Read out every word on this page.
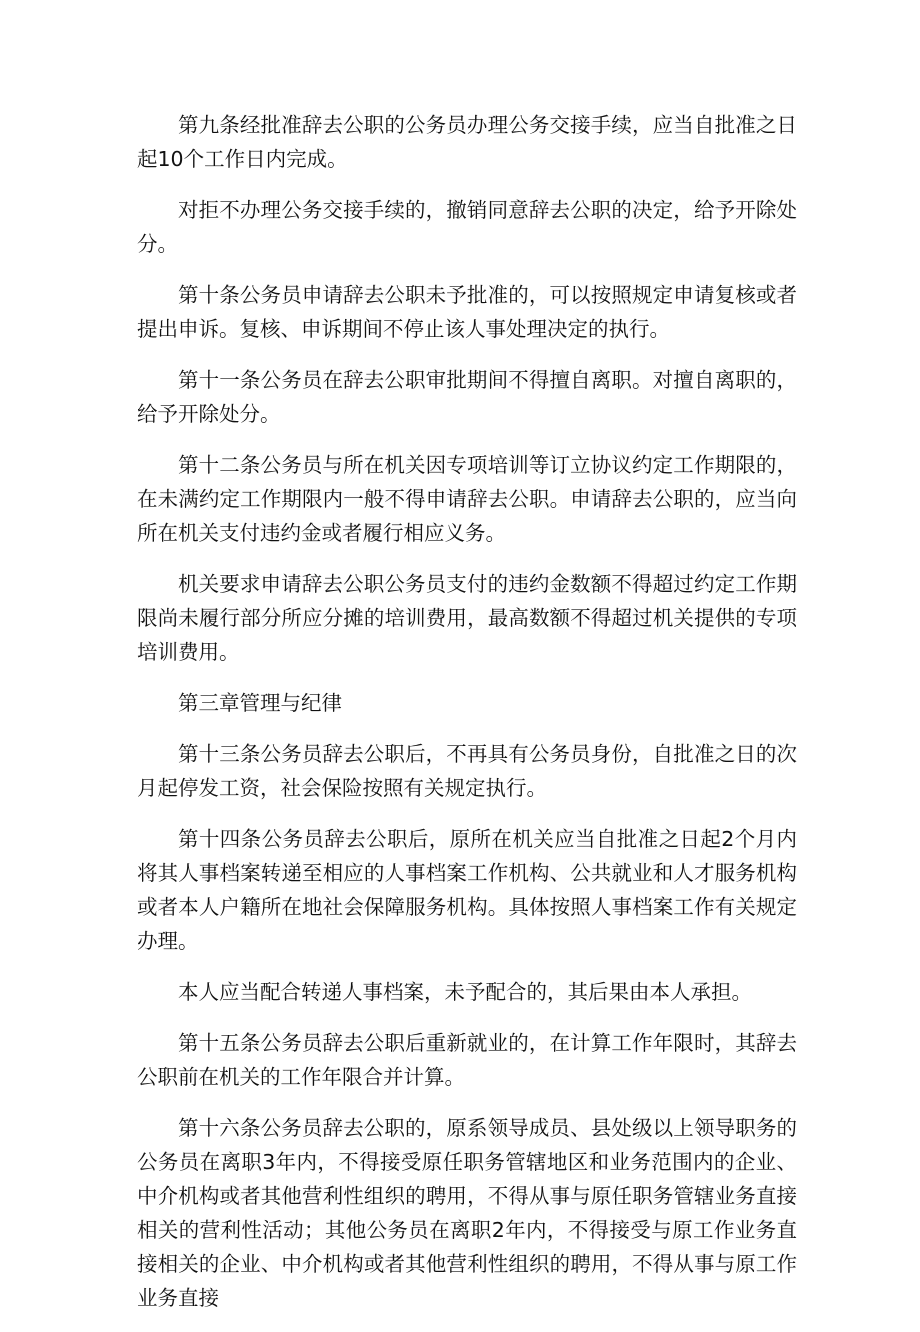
第九条经批准辞去公职的公务员办理公务交接手续，应当自批准之日起10个工作日内完成。

对拒不办理公务交接手续的，撤销同意辞去公职的决定，给予开除处分。

第十条公务员申请辞去公职未予批准的，可以按照规定申请复核或者提出申诉。复核、申诉期间不停止该人事处理决定的执行。

第十一条公务员在辞去公职审批期间不得擅自离职。对擅自离职的，给予开除处分。

第十二条公务员与所在机关因专项培训等订立协议约定工作期限的，在未满约定工作期限内一般不得申请辞去公职。申请辞去公职的，应当向所在机关支付违约金或者履行相应义务。

机关要求申请辞去公职公务员支付的违约金数额不得超过约定工作期限尚未履行部分所应分摊的培训费用，最高数额不得超过机关提供的专项培训费用。

第三章管理与纪律

第十三条公务员辞去公职后，不再具有公务员身份，自批准之日的次月起停发工资，社会保险按照有关规定执行。

第十四条公务员辞去公职后，原所在机关应当自批准之日起2个月内将其人事档案转递至相应的人事档案工作机构、公共就业和人才服务机构或者本人户籍所在地社会保障服务机构。具体按照人事档案工作有关规定办理。

本人应当配合转递人事档案，未予配合的，其后果由本人承担。

第十五条公务员辞去公职后重新就业的，在计算工作年限时，其辞去公职前在机关的工作年限合并计算。

第十六条公务员辞去公职的，原系领导成员、县处级以上领导职务的公务员在离职3年内，不得接受原任职务管辖地区和业务范围内的企业、中介机构或者其他营利性组织的聘用，不得从事与原任职务管辖业务直接相关的营利性活动；其他公务员在离职2年内，不得接受与原工作业务直接相关的企业、中介机构或者其他营利性组织的聘用，不得从事与原工作业务直接
